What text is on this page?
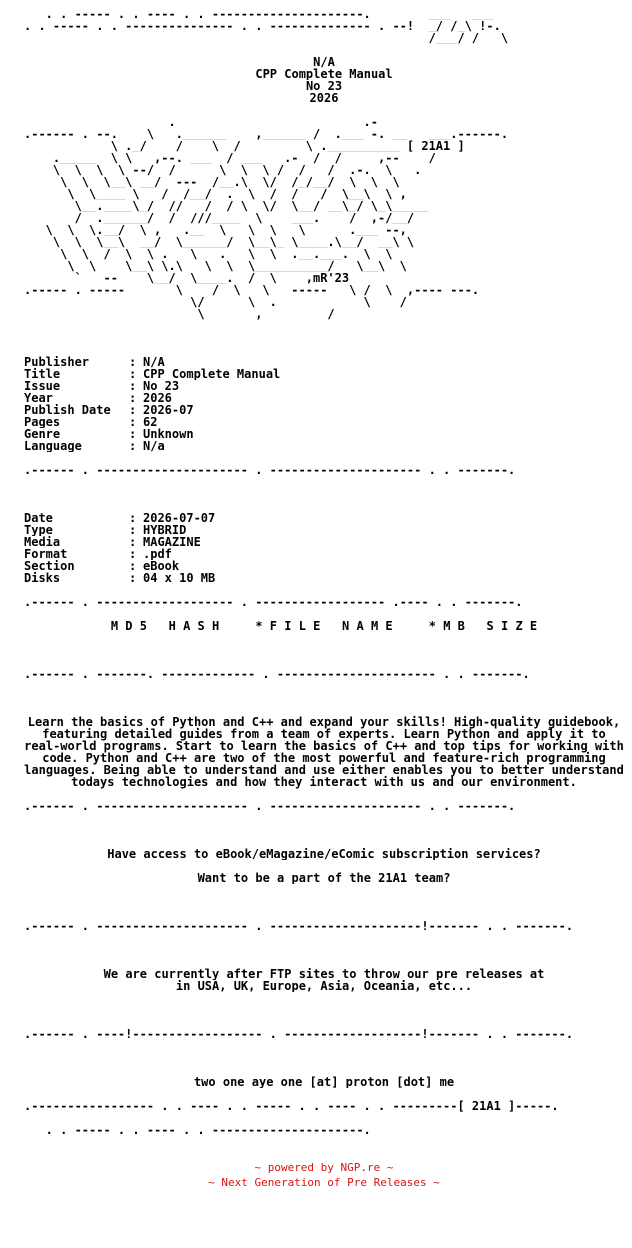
. . ----- . . ---- . . ---------------------.        ___   ___
. . ----- . . --------------- . . -------------- . --!  _/ /_\ !-.
/___/ /   \
N/A
CPP Complete Manual
No 23
2026
.                          .-
.------ . --.    \   .______    ,______ /  .___ -. __   ___.------.
\ ._/    /    \  /         \ .__________ [ 21A1 ]
._____  \ \   ,--. ___  / ___   .-  /  /     ,--    /
\  \  \  \ --/  /      \  \  \ /  /   /  .-.  \   .
\  \  \__\ __/  ---  /__.\  \/  /_/__/  \  \  \
\  \____ \   /  /__/  .  \  /  /   /  \__\  \ ,
\__.____\_/  //   /  / \  \/  \__/ __\_/ \_\_____
/  .______/  /  ///____  \    ___.    /  ,-/__/
\  \  \.__/  \ ,   .__  \   \  \   \      .___ --,
\  \  \__\  __/  \______/  \__\_ \____.\__/  __\ \
\  \  /  \  \ .   \   .   \  \  .__.___.  \  \
\  \    \__\ \.\   \  \  \__________/   \__\  \
`   --    \__/  \____.  /  \    ,mR'23
.----- . -----       \    /  \   \   -----   \ /  \  ,---- ---.
\/      \  .            \    /
\       ,         /

Publisher	: N/A
Title	: CPP Complete Manual
Issue	: No 23
Year	: 2026
Publish Date	: 2026-07
Pages	: 62
Genre	: Unknown
Language	: N/a
.------ . --------------------- . --------------------- . . -------.

Date	: 2026-07-07
Type	: HYBRID
Media	: MAGAZINE
Format	: .pdf
Section	: eBook
Disks	: 04 x 10 MB
.------ . ------------------- . ------------------ .---- . . -------.
M D 5   H A S H     * F I L E   N A M E     * M B   S I Z E

.------ . -------. ------------- . ---------------------- . . -------.

Learn the basics of Python and C++ and expand your skills! High-quality guidebook, featuring detailed guides from a team of experts. Learn Python and apply it to real-world programs. Start to learn the basics of C++ and top tips for working with code. Python and C++ are two of the most powerful and feature-rich programming languages. Being able to understand and use either enables you to better understand todays technologies and how they interact with us and our environment.
.------ . --------------------- . --------------------- . . -------.

Have access to eBook/eMagazine/eComic subscription services?
Want to be a part of the 21A1 team?

.------ . --------------------- . ---------------------!------- . . -------.

We are currently after FTP sites to throw our pre releases at
in USA, UK, Europe, Asia, Oceania, etc...

.------ . ----!------------------ . -------------------!------- . . -------.

two one aye one [at] proton [dot] me
.----------------- . . ---- . . ----- . . ---- . . ---------[ 21A1 ]-----.
. . ----- . . ---- . . ---------------------.
~ powered by NGP.re ~
~ Next Generation of Pre Releases ~
